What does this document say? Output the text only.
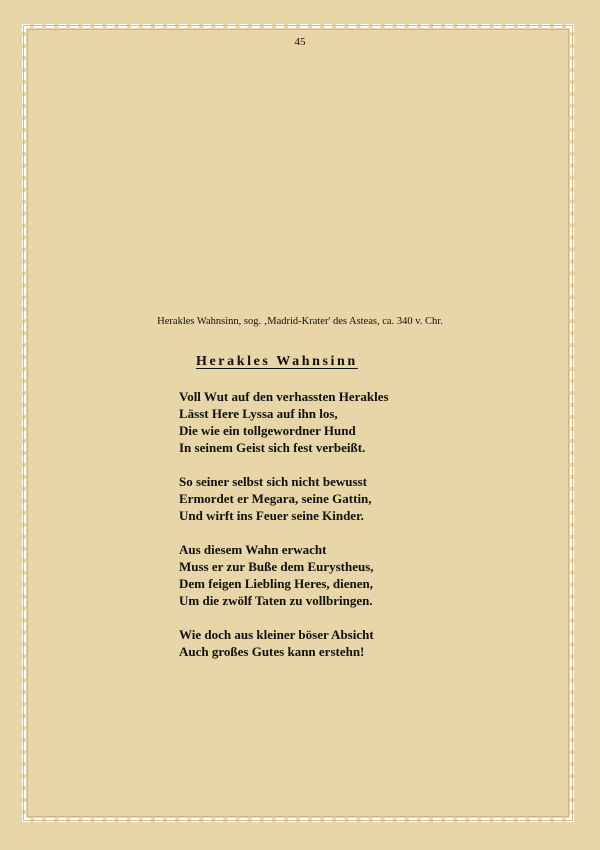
45
Herakles Wahnsinn, sog. ‚Madrid-Krater' des Asteas, ca. 340 v. Chr.
Herakles Wahnsinn
Voll Wut auf den verhassten Herakles
Lässt Here Lyssa auf ihn los,
Die wie ein tollgewordner Hund
In seinem Geist sich fest verbeißt.
So seiner selbst sich nicht bewusst
Ermordet er Megara, seine Gattin,
Und wirft ins Feuer seine Kinder.
Aus diesem Wahn erwacht
Muss er zur Buße dem Eurystheus,
Dem feigen Liebling Heres, dienen,
Um die zwölf Taten zu vollbringen.
Wie doch aus kleiner böser Absicht
Auch großes Gutes kann erstehn!
